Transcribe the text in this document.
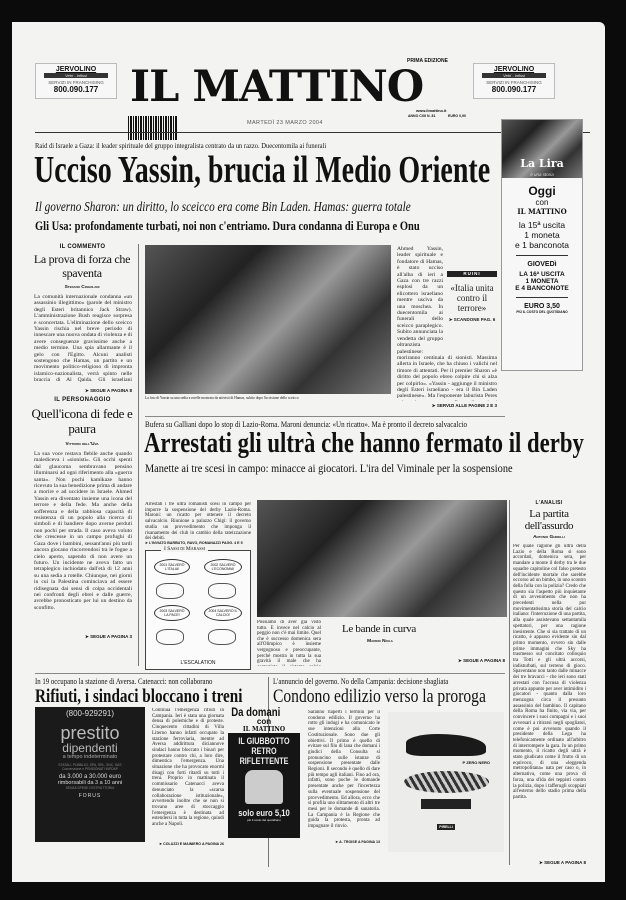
JERVOLINO
Vetri - Infissi
SERVIZI IN FRANCHISING
800.090.177 IL MATTINO
PRIMA EDIZIONE
www.ilmattino.it
MARTEDÌ 23 MARZO 2004
ANNO CXII N. 81	EURO 0,90
JERVOLINO
Vetri - Infissi
SERVIZI IN FRANCHISING
800.090.177
Raid di Israele a Gaza: il leader spirituale del gruppo integralista centrato da un razzo. Duecentomila ai funerali
Ucciso Yassin, brucia il Medio Oriente
Il governo Sharon: un diritto, lo sceicco era come Bin Laden. Hamas: guerra totale
Gli Usa: profondamente turbati, noi non c'entriamo. Dura condanna di Europa e Onu
La Lira
è una storia
Oggi
con
IL MATTINO
la 15ª uscita
1 moneta
e 1 banconota
GIOVEDì
LA 16ª USCITA
1 MONETA
E 4 BANCONOTE
EURO 3,50
PIÙ IL COSTO DEL QUOTIDIANO
IL COMMENTO
La prova di forza che spaventa
Stefano Cingolani
La comunità internazionale condanna «un assassinio illegittimo» (parole del ministro degli Esteri britannico Jack Straw). L'amministrazione Bush reagisce sorpresa e sconcertata. L'eliminazione dello sceicco Yassin rischia nel breve periodo di innescare una nuova ondata di violenza e di avere conseguenze gravissime anche a medio termine. Una spia allarmante è il gelo con l'Egitto. Alcuni analisti sostengono che Hamas, un partito e un movimento politico-religioso di impronta islamico-nazionalista, verrà spinto nelle braccia di Al Qaida. Gli israeliani
➤ SEGUE A PAGINA 8
IL PERSONAGGIO
Quell'icona di fede e paura
Vittorio dell'Uva
La sua voce restava flebile anche quando malediceva i «sionisti». Gli occhi spenti dal glaucoma sembravano pensino illuminarsi ad ogni riferimento alla «guerra santa». Non pochi kamikaze hanno ricevuto la sua benedizione prima di andare a morire e ad uccidere in Israele. Ahmed Yassin era diventato insieme una icona del terrore e della fede. Ma anche della sofferenza e della rabbiosa capacità di resistenza di un popolo alla ricerca di simboli e di bandiere dopo averne perduti non pochi per strada. Il caso aveva voluto che crescesse in un campo profughi di Gaza dove i bambini, sessant'anni più tardi ancora giocano rincorrendosi tra le fogne a cielo aperto, sapendo di non avere un futuro. Un incidente ne aveva fatto un tetraplegico inchiodato dall'età di 12 anni su una sedia a rotelle. Chiunque, nei giorni in cui la Palestina cominciava ad essere ridisegnata dai sensi di colpa occidentali nei confronti degli ebrei e dalle guerre, avrebbe pronosticato per lui un destino da sconfitto.
➤ SEGUE A PAGINA 3
La foto di Yassin su una sedia a rotelle mostrata da attivisti di Hamas, subito dopo l'uccisione dello sceicco
RUINI
«Italia unita contro il terrore»
➤ SCANDONE PAG. 6
Ahmed Yassin, leader spirituale e fondatore di Hamas, è stato ucciso all'alba di ieri a Gaza con tre razzi esplosi da un elicottero israeliano mentre usciva da una moschea. In duecentomila ai funerali dello sceicco paraplegico. Subito annunciata la vendetta del gruppo oltranzista palestinese: moriranno centinaia di sionisti. Massima allerta in Israele, che ha chiuso i valichi nel timore di attentati. Per il premier Sharon «è diritto del popolo ebreo colpire chi si alza per colpirlo». «Yassin - aggiunge il ministro degli Esteri israeliano - era il Bin Laden palestinese». Ma l'esponente laburista Peres
➤ SERVIZI ALLE PAGINE 2 E 3
Bufera su Galliani dopo lo stop di Lazio-Roma. Maroni denuncia: «Un ricatto». Ma è pronto il decreto salvacalcio
Arrestati gli ultrà che hanno fermato il derby
Manette ai tre scesi in campo: minacce ai giocatori. L'ira del Viminale per la sospensione
Arrestati i tre ultrà romanisti scesi in campo per imporre la sospensione del derby Lazio-Roma. Maroni: un ricatto per ottenere il decreto salvacalcio. Riunione a palazzo Chigi: il governo studia un provvedimento che imponga il risanamento dei club in cambio della rateizzazione dei debiti.
➤ L'INVIATO BARBUTO, RAVO, ROMANAZZI PAGG. 4 E 5
I Sassi di Marassi
2001 SALVERÒ L'ITALIA!
2002 SALVERÒ L'ECONOMIA!
2003 SALVERÒ LA PACE!
2004 SALVERÒ IL CALCIO!
L'ESCALATION
Possiamo di aver già visto tutto. E invece nel calcio al peggio non c'è mai limite. Quel che è successo domenica sera all'Olimpico è insieme vergognoso e preoccupante, perché mostra in tutta la sua gravità il male che ha
Le bande in curva
Marino Niola
➤ SEGUE A PAGINA 8
L'ANALISI
La partita dell'assurdo
Antonio Ghirelli
Per quale ragione gli ultrà della Lazio e della Roma si sono accordati, domenica sera, per mandare a monte il derby tra le due squadre capitoline col falso pretesto dell'incidente mortale che sarebbe occorso ad un bimbo, in uno scontro della folla con la polizia? Credo che questo sia l'aspetto più inquietante di un avvenimento che non ha precedenti nella pur movimentatissima storia del calcio italiano: l'interruzione di una partita, alla quale assistevano settantamila spettatori, per una ragione inesistente. Che si sia trattato di un ricatto, è apparso evidente sin dal primo momento, ovvero sin dalle prime immagini che Sky ha trasmesso sul concitato colloquio tra Totti e gli ultrà accorsi, indisturbati, sul terreno di gioco. Spaventano non tanto dalle minacce dei tre bravacci - che ieri sono stati arrestati con l'accusa di violenza privata appunto per aver intimidito i giocatori - quanto dalla loro menzogna circa il presunto assassinio del bambino. Il capitano della Roma ha finito, via via, per convincere i suoi compagni e i suoi avversari a ritirarsi negli spogliatoi, come è poi avvenuto quando il presidente della Lega ha telefonicamente ordinato all'arbitro di interrompere la gara. In un primo momento, il ricatto degli ultrà è stato giudicato come il frutto di un equivoco, di una «leggenda metropolitana» nata per caso o, in alternativa, come una prova di forza, una sfida dei teppisti contro la polizia, dopo i tafferugli scoppiati all'esterno dello stadio prima della partita.
➤ SEGUE A PAGINA 8
In 19 occupano la stazione di Aversa. Catenacci: non collaborano
Rifiuti, i sindaci bloccano i treni
(800-929291)
prestito
dipendenti
a tempo indeterminato
STATALI, PUBBLICI, SPA, SRL, SNC, SAS
Convenzione e PENSIONATI INPDAP
da 3.000 a 30.000 euro
rimborsabili da 3 a 10 anni
SENZA SPESE D'ISTRUTTORIA
FORUS
Continua l'emergenza rifiuti in Campania. Ieri è stata una giornata densa di polemiche e di proteste. Cinquecento cittadini di Villa Literno hanno infatti occupato la stazione ferroviaria, mentre ad Aversa addirittura diciannove sindaci hanno bloccato i binari per protestare contro chi, a loro dire, dimentica l'emergenza. Una situazione che ha provocato enormi disagi con forti ritardi su tutti i treni. Proprio in mattinata il commissario Catenacci aveva denunciato la «scarsa collaborazione istituzionale», avvertendo inoltre che se non si trovano aree di stoccaggio l'emergenza è destinata ad estendersi in tutta la regione, quindi anche a Napoli.
➤ COLUZZI E MAINIERO A PAGINA 26
Da domani
con
IL MATTINO
IL GIUBBOTTO
RETRO
RIFLETTENTE
solo euro 5,10
più il costo del quotidiano
L'annuncio del governo. No della Campania: decisione sbagliata
Condono edilizio verso la proroga
Saranno riaperti i termini per il condono edilizio. Il governo ha rotto gli indugi e ha comunicato le sue intenzioni alla Corte Costituzionale. Sono due gli obiettivi. Il primo è quello di evitare sul filo di lana che domani i giudici della Consulta si pronuncino sulle istanze di sospensione presentate dalle Regioni. Il secondo è quello di dare più tempo agli italiani. Fino ad ora, infatti, sono poche le domande presentate anche per l'incertezza sulla eventuale sospensione del provvedimento. Ed allora, ecco che si profila uno slittamento di altri tre mesi per le domande di sanatoria. La Campania è la Regione che guida la protesta, pronta ad impugnare il rinvio.
➤ A. TROISE A PAGINA 13
P ZERO NERO
PIRELLI
